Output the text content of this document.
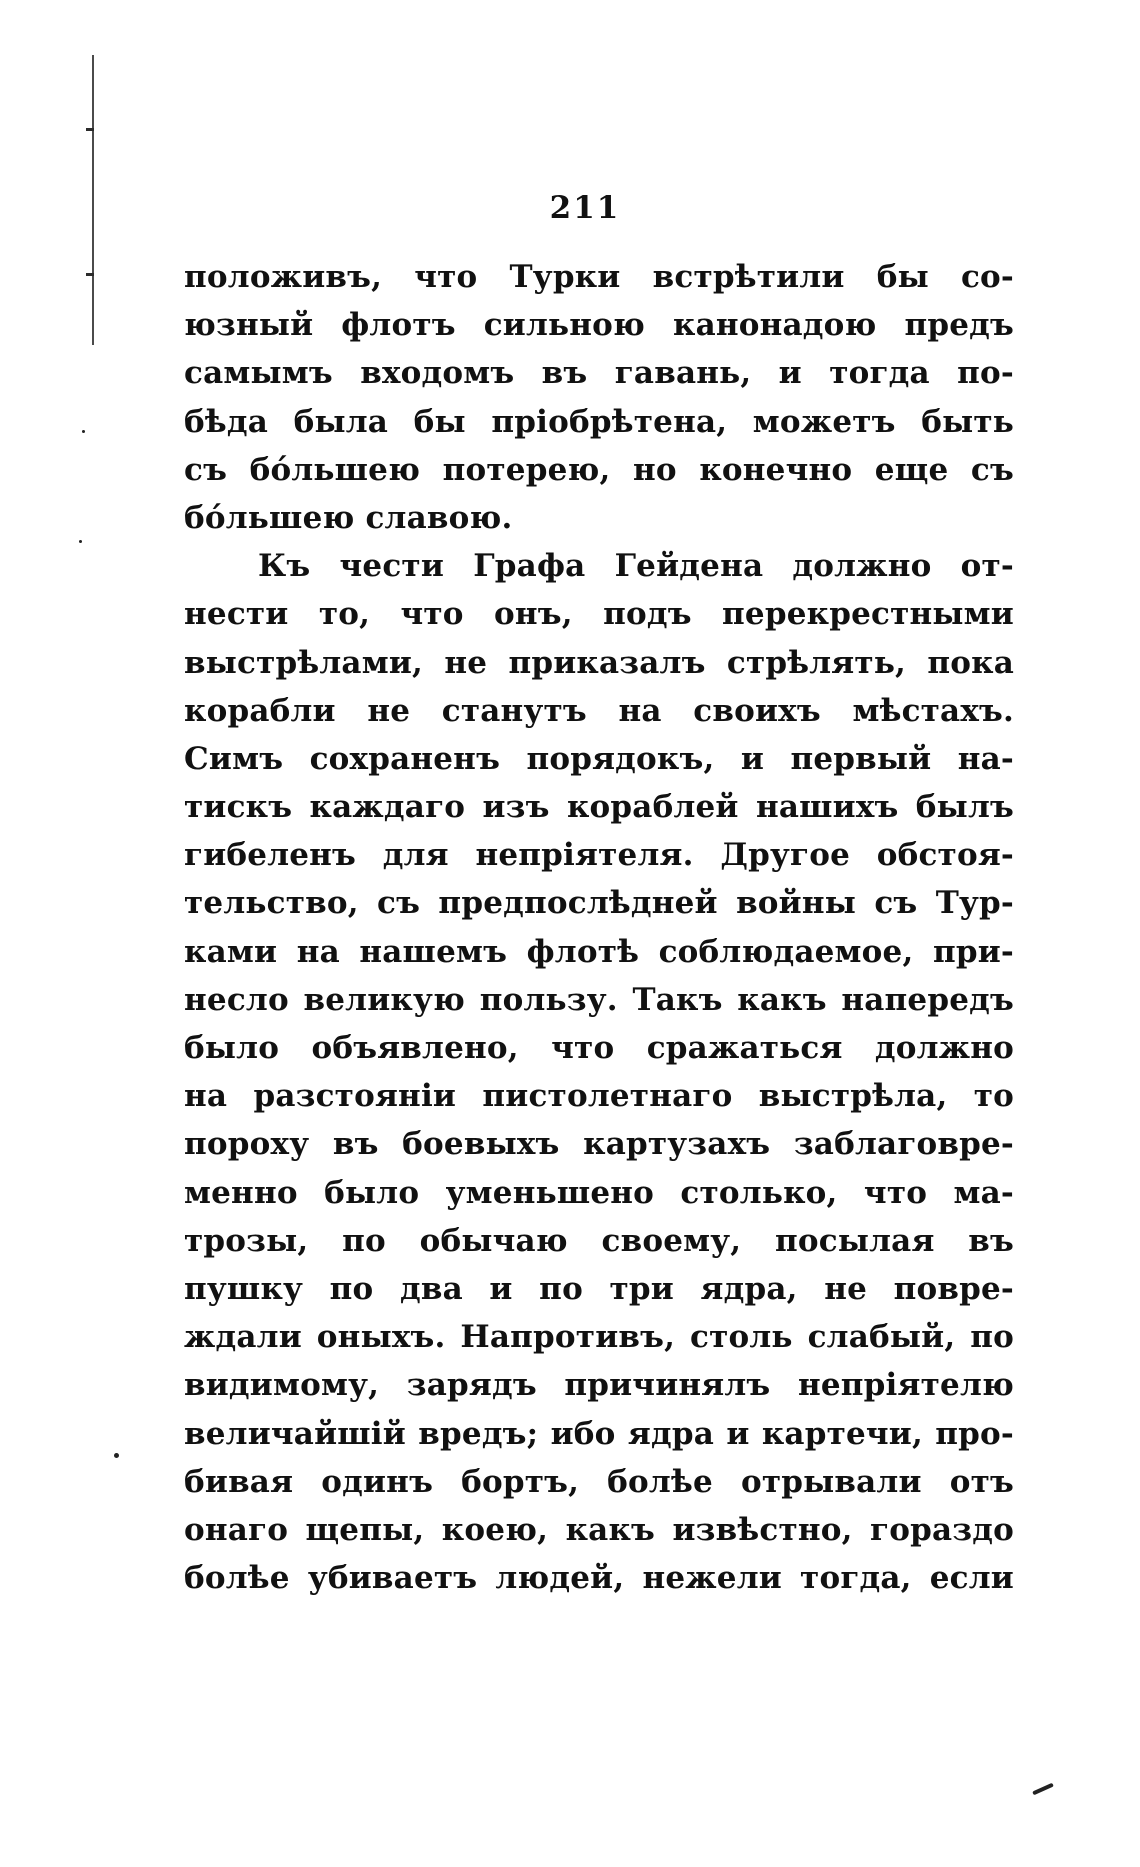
211
положивъ, что Турки встрѣтили бы со-
юзный флотъ сильною канонадою предъ
самымъ входомъ въ гавань, и тогда по-
бѣда была бы пріобрѣтена, можетъ быть
съ бо́льшею потерею, но конечно еще съ
бо́льшею славою.
Къ чести Графа Гейдена должно от-
нести то, что онъ, подъ перекрестными
выстрѣлами, не приказалъ стрѣлять, пока
корабли не станутъ на своихъ мѣстахъ.
Симъ сохраненъ порядокъ, и первый на-
тискъ каждаго изъ кораблей нашихъ былъ
гибеленъ для непріятеля. Другое обстоя-
тельство, съ предпослѣдней войны съ Тур-
ками на нашемъ флотѣ соблюдаемое, при-
несло великую пользу. Такъ какъ напередъ
было объявлено, что сражаться должно
на разстояніи пистолетнаго выстрѣла, то
пороху въ боевыхъ картузахъ заблаговре-
менно было уменьшено столько, что ма-
трозы, по обычаю своему, посылая въ
пушку по два и по три ядра, не повре-
ждали оныхъ. Напротивъ, столь слабый, по
видимому, зарядъ причинялъ непріятелю
величайшій вредъ; ибо ядра и картечи, про-
бивая одинъ бортъ, болѣе отрывали отъ
онаго щепы, коею, какъ извѣстно, гораздо
болѣе убиваетъ людей, нежели тогда, если
